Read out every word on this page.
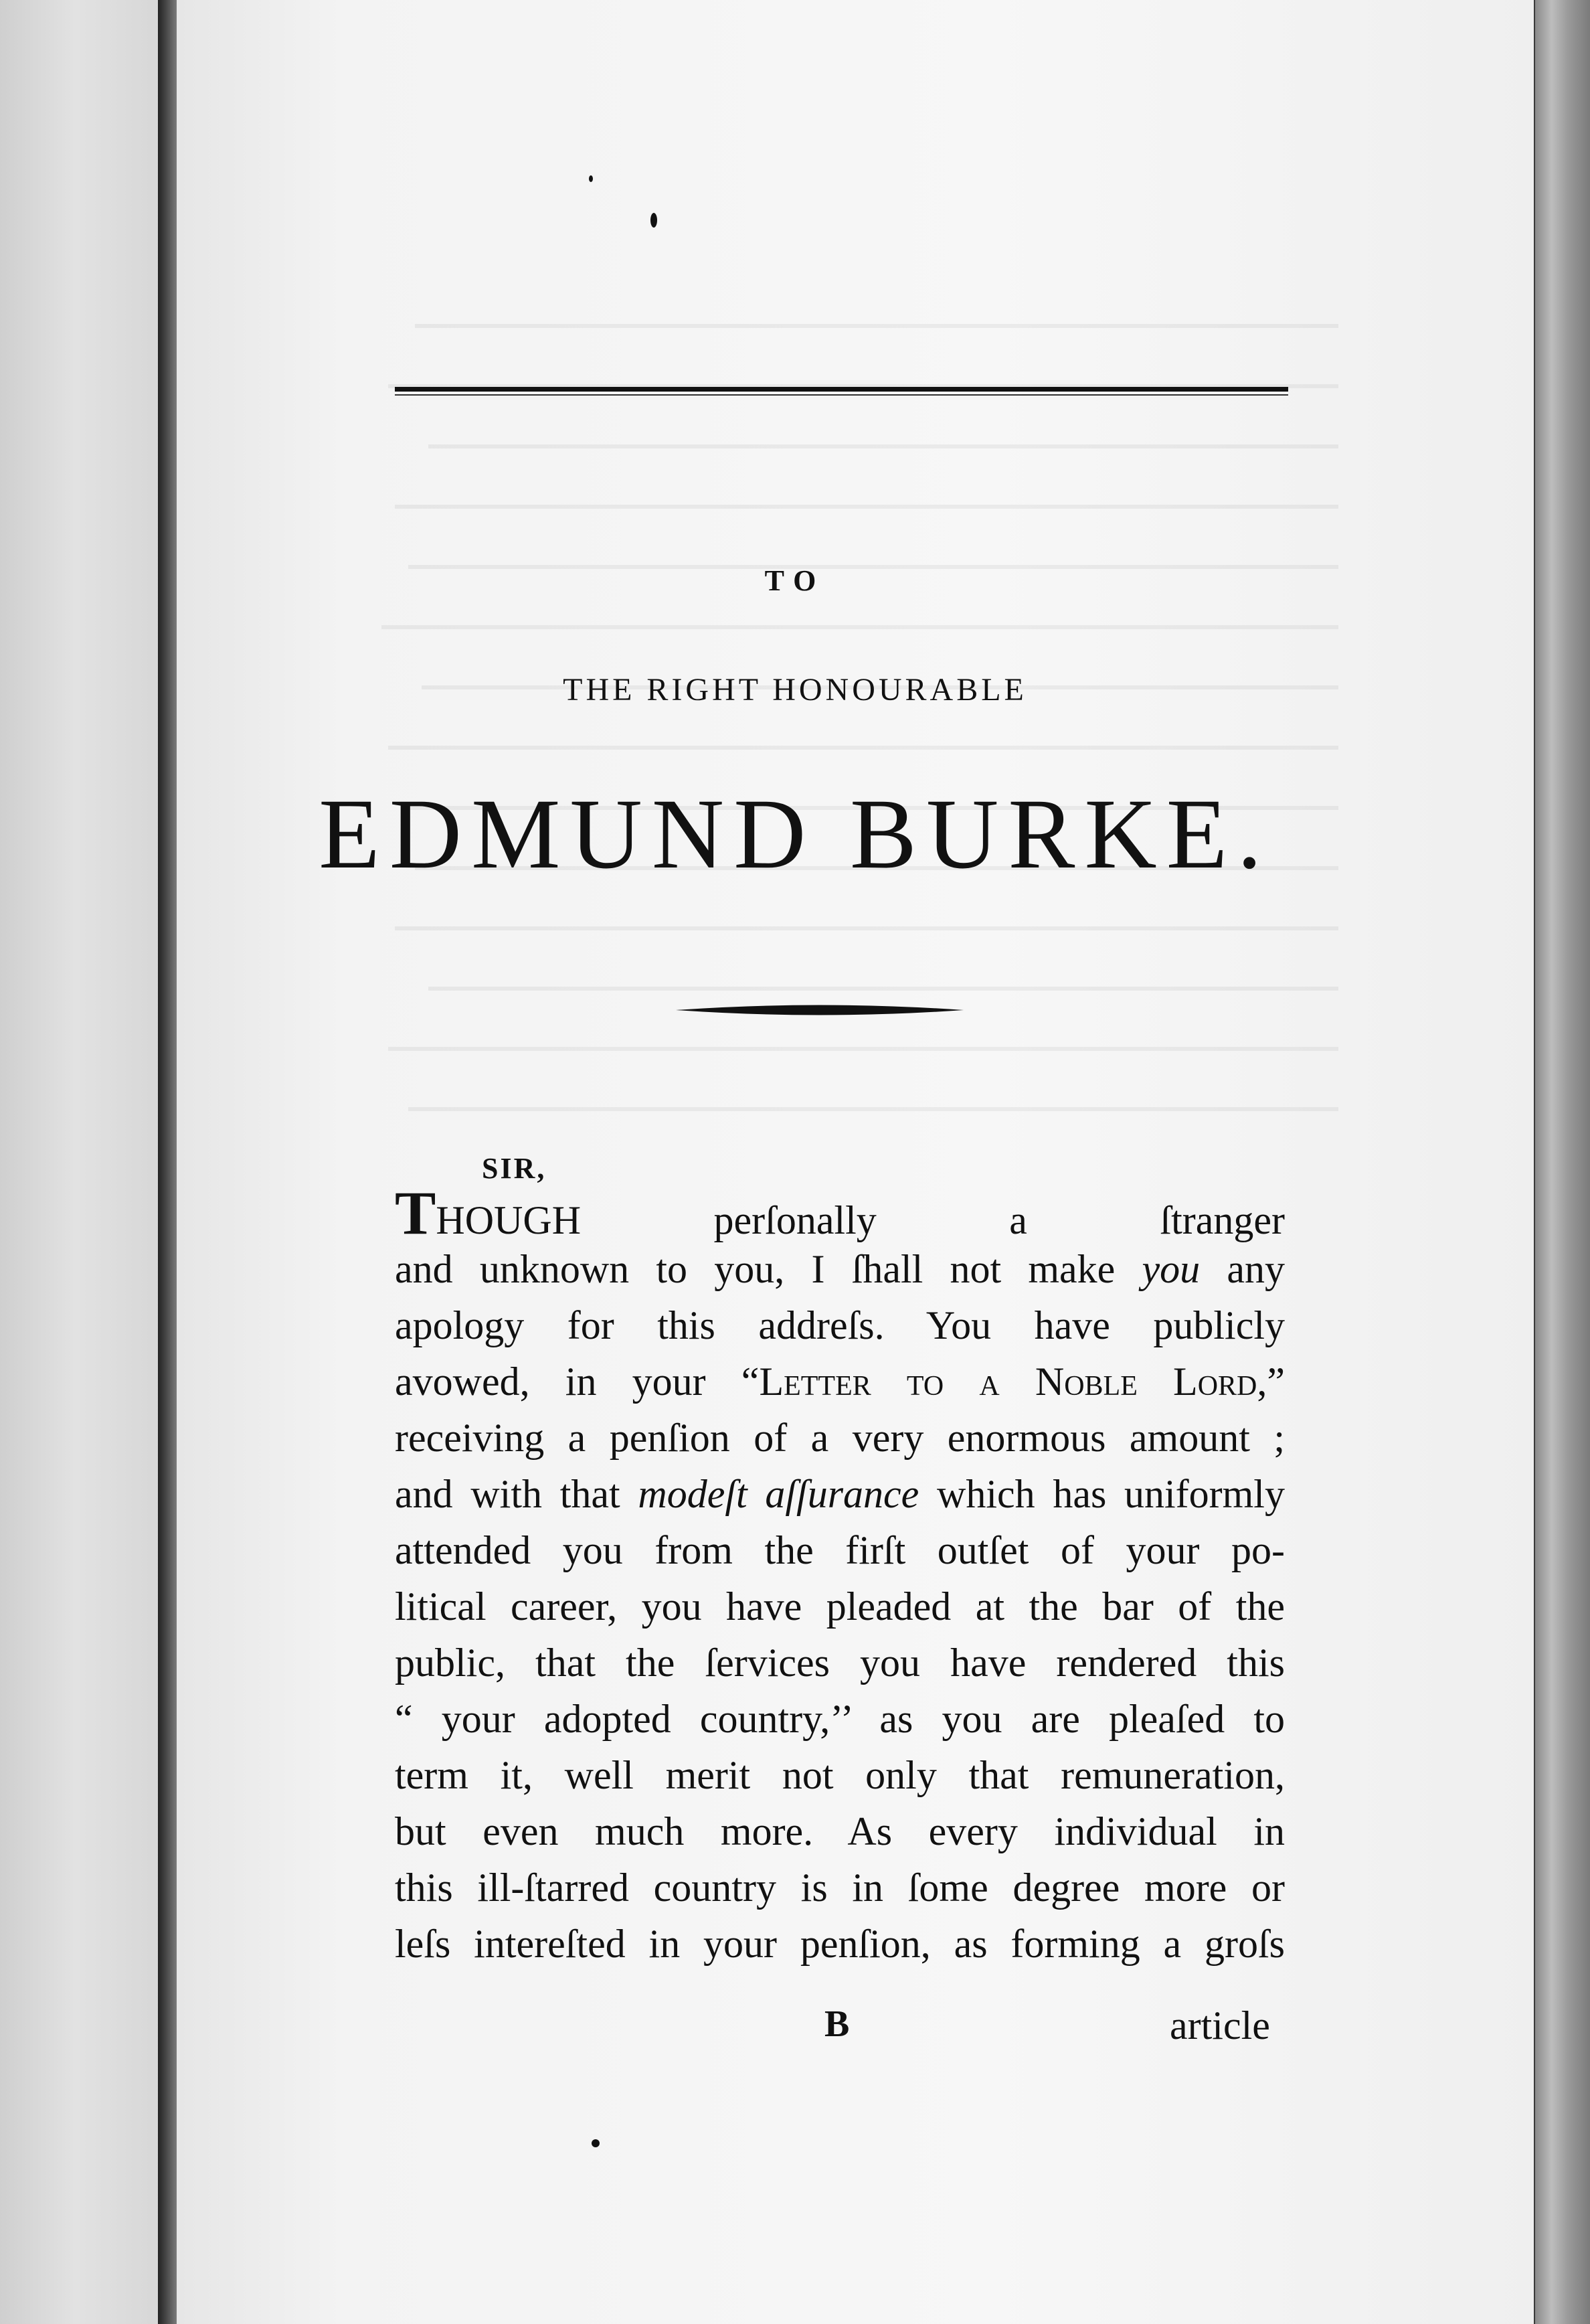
TO
THE RIGHT HONOURABLE
EDMUND BURKE.
SIR,
THOUGH perſonally a ſtranger
and unknown to you, I ſhall not make you any
apology for this addreſs. You have publicly
avowed, in your “Letter to a Noble Lord,”
receiving a penſion of a very enormous amount ;
and with that modeſt aſſurance which has uniformly
attended you from the firſt outſet of your po-
litical career, you have pleaded at the bar of the
public, that the ſervices you have rendered this
“ your adopted country,’’ as you are pleaſed to
term it, well merit not only that remuneration,
but even much more. As every individual in
this ill-ſtarred country is in ſome degree more or
leſs intereſted in your penſion, as forming a groſs
B	article
